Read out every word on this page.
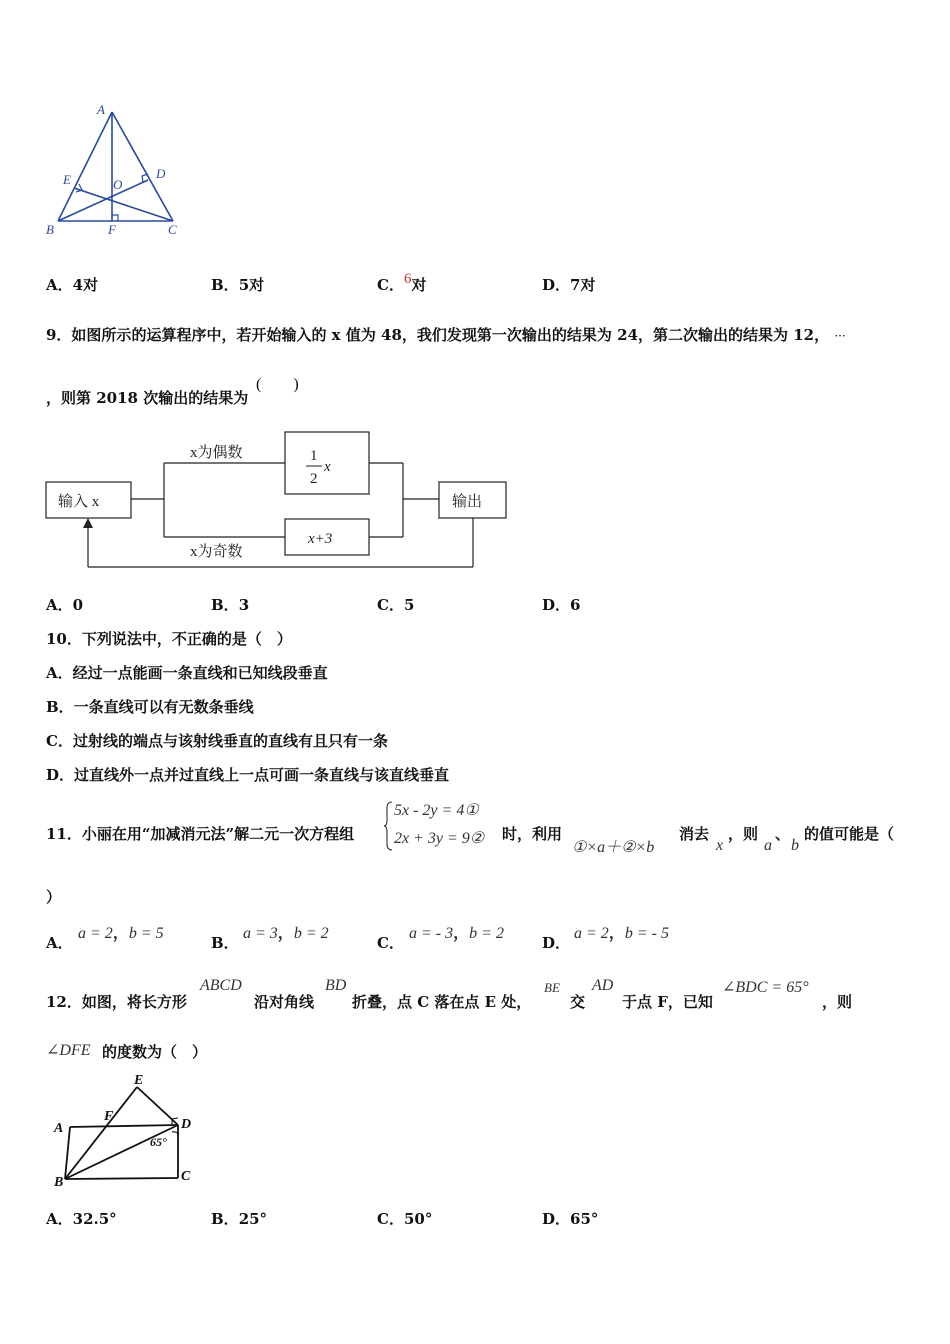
A
E	O
D
B	F	C
A．4对	B．5对	C．6对	D．7对
9．如图所示的运算程序中，若开始输入的 x 值为 48，我们发现第一次输出的结果为 24，第二次输出的结果为 12， ···
，则第 2018 次输出的结果为
(　　)
输入 x
x为偶数
x为奇数
1
2
x
x+3
输出
A．0	B．3	C．5	D．6
10．下列说法中，不正确的是（　）
A．经过一点能画一条直线和已知线段垂直
B．一条直线可以有无数条垂线
C．过射线的端点与该射线垂直的直线有且只有一条
D．过直线外一点并过直线上一点可画一条直线与该直线垂直
11．小丽在用“加减消元法”解二元一次方程组
5x - 2y = 4①
2x + 3y = 9② 时，利用
①×a＋②×b
消去
x
，则
a
、
b
的值可能是（
）
A．
a = 2，b = 5
B．
a = 3，b = 2
C．
a = - 3，b = 2
D．
a = 2，b = - 5
12．如图，将长方形
ABCD
沿对角线
BD
折叠，点 C 落在点 E 处，
BE
交
AD
于点 F，已知
∠BDC = 65°
，则
∠DFE 的度数为（　）
E
F
A	D
65°
B	C
A．32.5°	B．25°	C．50°	D．65°
